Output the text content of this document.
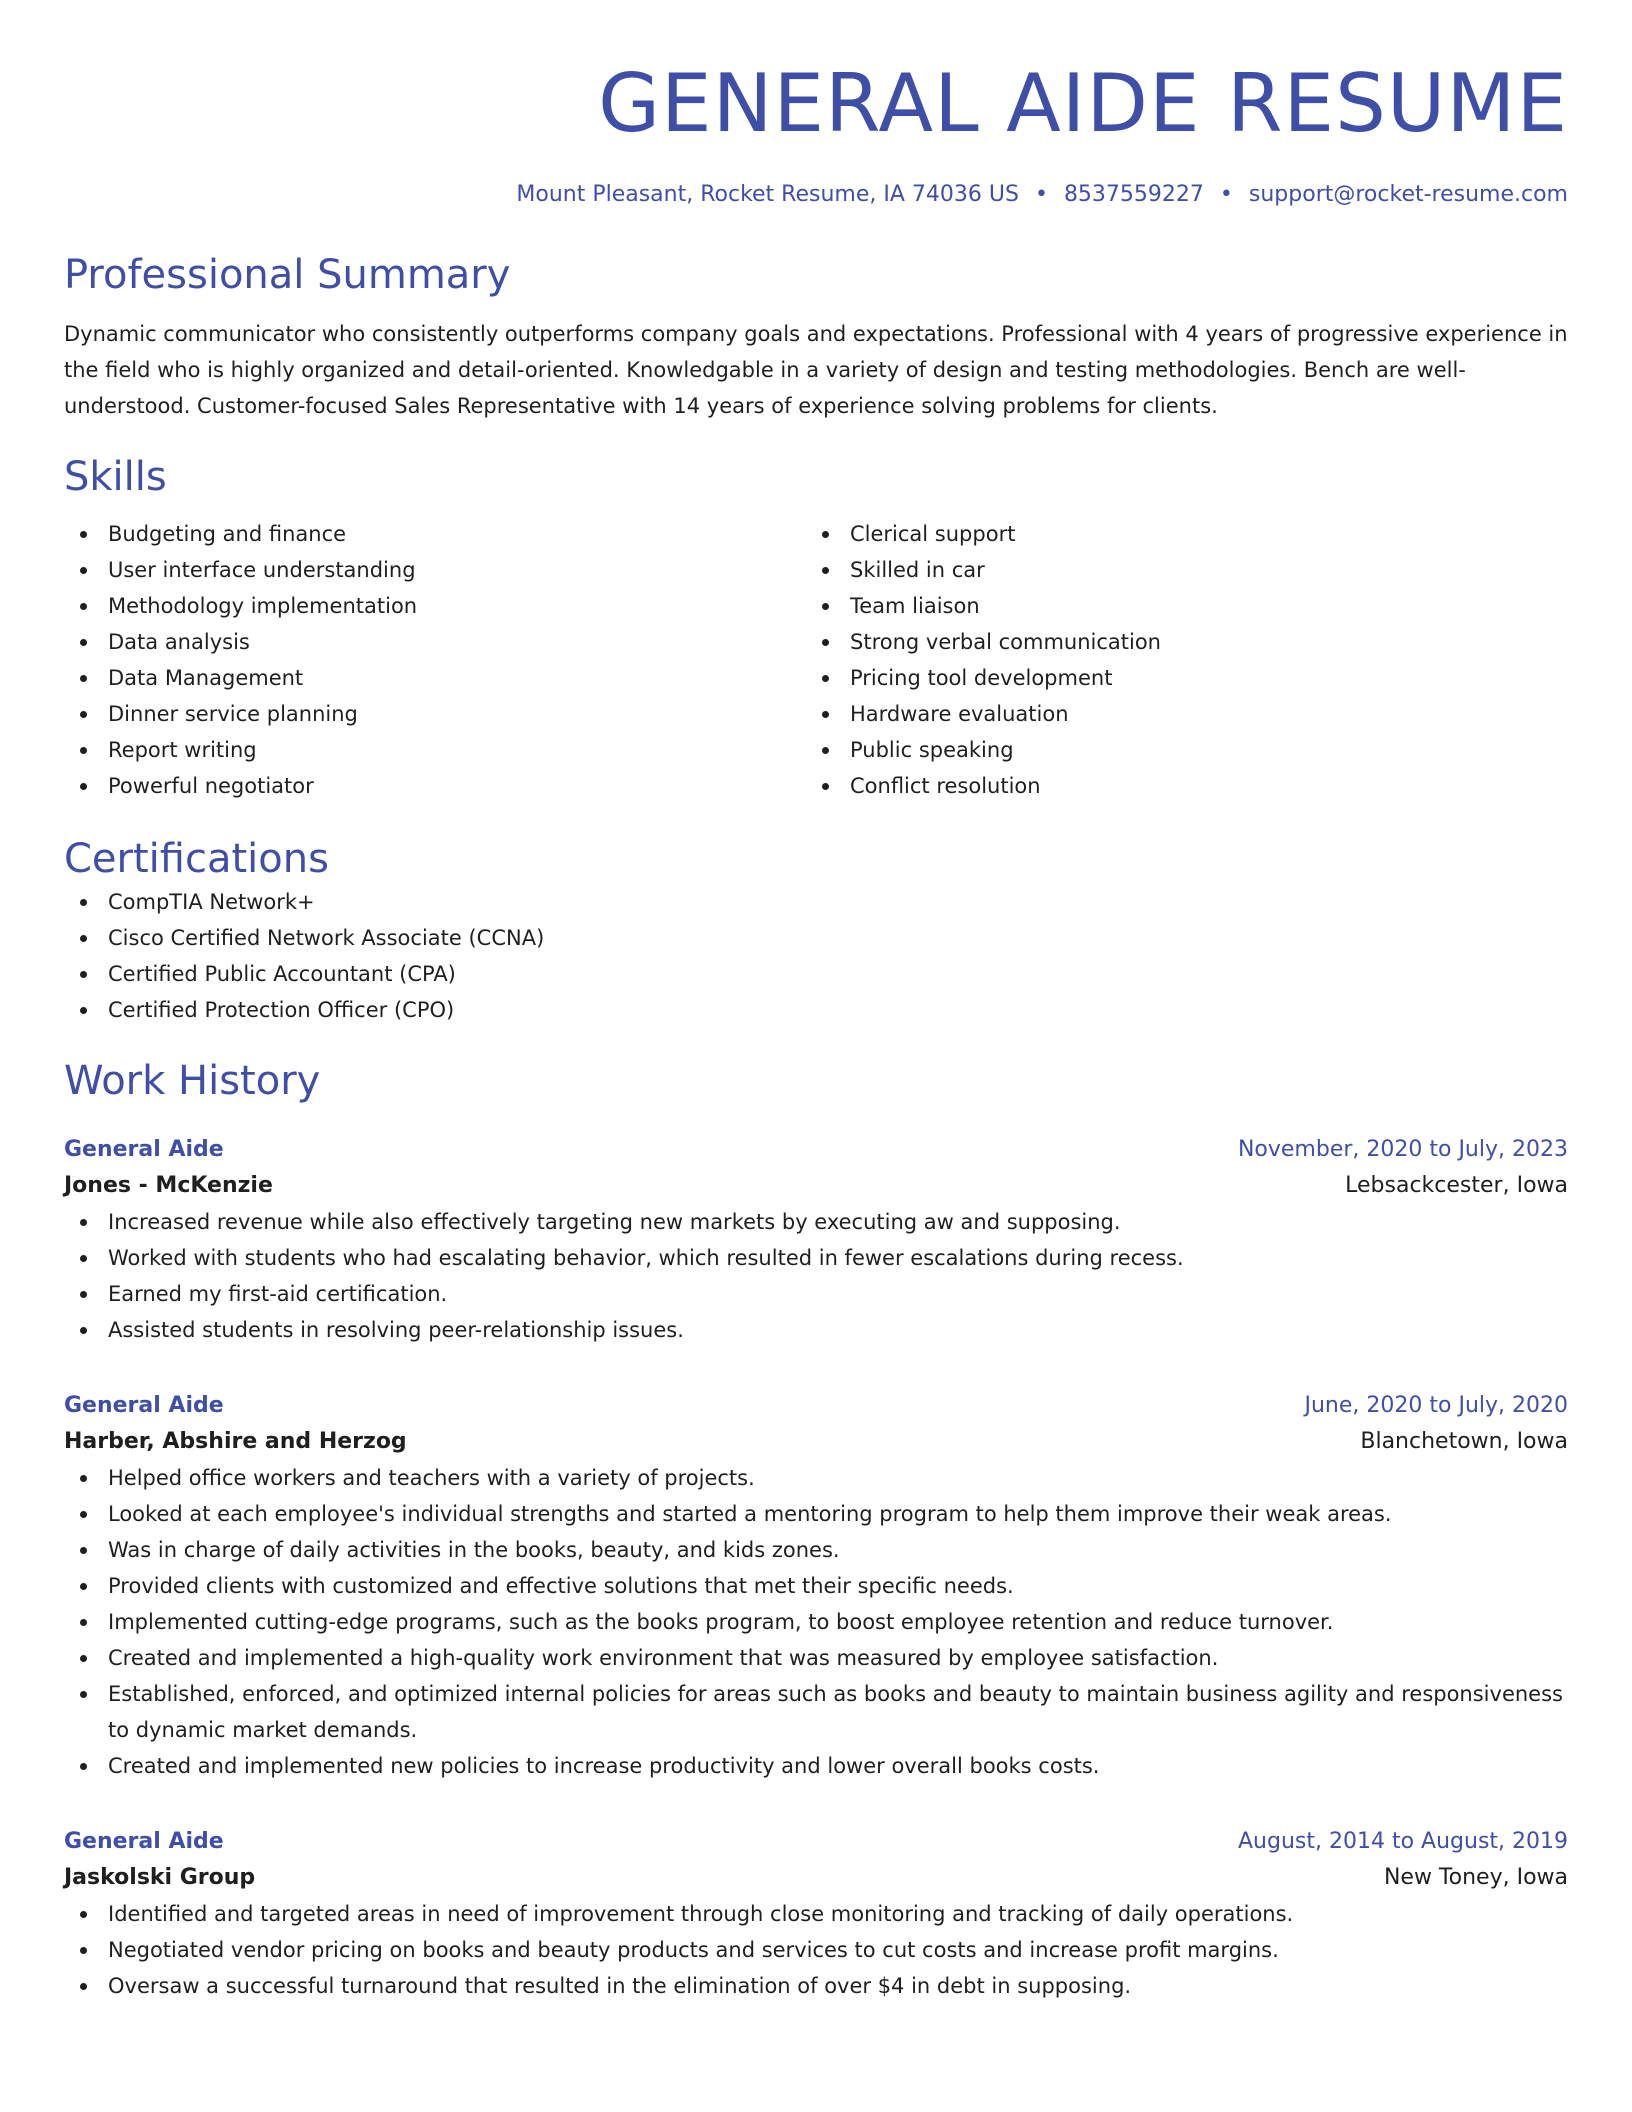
GENERAL AIDE RESUME
Mount Pleasant, Rocket Resume, IA 74036 US • 8537559227 • support@rocket-resume.com
Professional Summary
Dynamic communicator who consistently outperforms company goals and expectations. Professional with 4 years of progressive experience in the field who is highly organized and detail-oriented. Knowledgable in a variety of design and testing methodologies. Bench are well-understood. Customer-focused Sales Representative with 14 years of experience solving problems for clients.
Skills
Budgeting and finance
User interface understanding
Methodology implementation
Data analysis
Data Management
Dinner service planning
Report writing
Powerful negotiator
Clerical support
Skilled in car
Team liaison
Strong verbal communication
Pricing tool development
Hardware evaluation
Public speaking
Conflict resolution
Certifications
CompTIA Network+
Cisco Certified Network Associate (CCNA)
Certified Public Accountant (CPA)
Certified Protection Officer (CPO)
Work History
General Aide	November, 2020 to July, 2023
Jones - McKenzie	Lebsackcester, Iowa
Increased revenue while also effectively targeting new markets by executing aw and supposing.
Worked with students who had escalating behavior, which resulted in fewer escalations during recess.
Earned my first-aid certification.
Assisted students in resolving peer-relationship issues.
General Aide	June, 2020 to July, 2020
Harber, Abshire and Herzog	Blanchetown, Iowa
Helped office workers and teachers with a variety of projects.
Looked at each employee's individual strengths and started a mentoring program to help them improve their weak areas.
Was in charge of daily activities in the books, beauty, and kids zones.
Provided clients with customized and effective solutions that met their specific needs.
Implemented cutting-edge programs, such as the books program, to boost employee retention and reduce turnover.
Created and implemented a high-quality work environment that was measured by employee satisfaction.
Established, enforced, and optimized internal policies for areas such as books and beauty to maintain business agility and responsiveness to dynamic market demands.
Created and implemented new policies to increase productivity and lower overall books costs.
General Aide	August, 2014 to August, 2019
Jaskolski Group	New Toney, Iowa
Identified and targeted areas in need of improvement through close monitoring and tracking of daily operations.
Negotiated vendor pricing on books and beauty products and services to cut costs and increase profit margins.
Oversaw a successful turnaround that resulted in the elimination of over $4 in debt in supposing.
